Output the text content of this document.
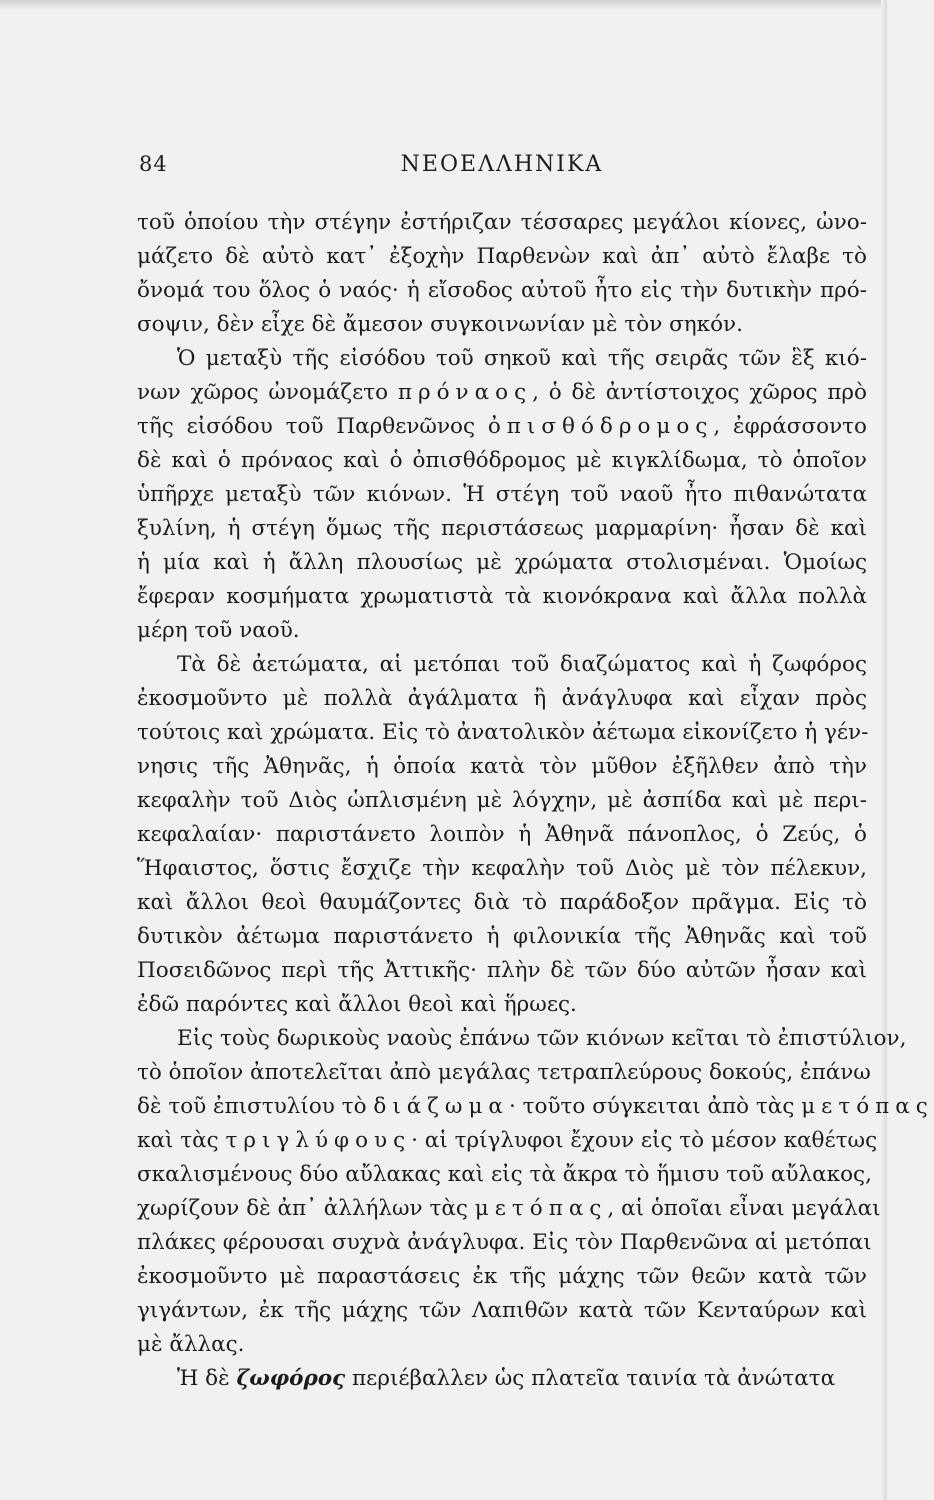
84	ΝΕΟΕΛΛΗΝΙΚΑ
τοῦ ὁποίου τὴν στέγην ἐστήριζαν τέσσαρες μεγάλοι κίονες, ὠνο-
μάζετο δὲ αὐτὸ κατ᾽ ἐξοχὴν Παρθενὼν καὶ ἀπ᾽ αὐτὸ ἔλαβε τὸ
ὄνομά του ὅλος ὁ ναός· ἡ εἴσοδος αὐτοῦ ἦτο εἰς τὴν δυτικὴν πρό-
σοψιν, δὲν εἶχε δὲ ἄμεσον συγκοινωνίαν μὲ τὸν σηκόν.
Ὁ μεταξὺ τῆς εἰσόδου τοῦ σηκοῦ καὶ τῆς σειρᾶς τῶν ἓξ κιό-
νων χῶρος ὠνομάζετο πρόναος, ὁ δὲ ἀντίστοιχος χῶρος πρὸ
τῆς εἰσόδου τοῦ Παρθενῶνος ὀπισθόδρομος, ἐφράσσοντο
δὲ καὶ ὁ πρόναος καὶ ὁ ὀπισθόδρομος μὲ κιγκλίδωμα, τὸ ὁποῖον
ὑπῆρχε μεταξὺ τῶν κιόνων. Ἡ στέγη τοῦ ναοῦ ἦτο πιθανώτατα
ξυλίνη, ἡ στέγη ὅμως τῆς περιστάσεως μαρμαρίνη· ἦσαν δὲ καὶ
ἡ μία καὶ ἡ ἄλλη πλουσίως μὲ χρώματα στολισμέναι. Ὁμοίως
ἔφεραν κοσμήματα χρωματιστὰ τὰ κιονόκρανα καὶ ἄλλα πολλὰ
μέρη τοῦ ναοῦ.
Τὰ δὲ ἀετώματα, αἱ μετόπαι τοῦ διαζώματος καὶ ἡ ζωφόρος
ἐκοσμοῦντο μὲ πολλὰ ἀγάλματα ἢ ἀνάγλυφα καὶ εἶχαν πρὸς
τούτοις καὶ χρώματα. Εἰς τὸ ἀνατολικὸν ἀέτωμα εἰκονίζετο ἡ γέν-
νησις τῆς Ἀθηνᾶς, ἡ ὁποία κατὰ τὸν μῦθον ἐξῆλθεν ἀπὸ τὴν
κεφαλὴν τοῦ Διὸς ὡπλισμένη μὲ λόγχην, μὲ ἀσπίδα καὶ μὲ περι-
κεφαλαίαν· παριστάνετο λοιπὸν ἡ Ἀθηνᾶ πάνοπλος, ὁ Ζεύς, ὁ
Ἥφαιστος, ὅστις ἔσχιζε τὴν κεφαλὴν τοῦ Διὸς μὲ τὸν πέλεκυν,
καὶ ἄλλοι θεοὶ θαυμάζοντες διὰ τὸ παράδοξον πρᾶγμα. Εἰς τὸ
δυτικὸν ἀέτωμα παριστάνετο ἡ φιλονικία τῆς Ἀθηνᾶς καὶ τοῦ
Ποσειδῶνος περὶ τῆς Ἀττικῆς· πλὴν δὲ τῶν δύο αὐτῶν ἦσαν καὶ
ἐδῶ παρόντες καὶ ἄλλοι θεοὶ καὶ ἥρωες.
Εἰς τοὺς δωρικοὺς ναοὺς ἐπάνω τῶν κιόνων κεῖται τὸ ἐπιστύλιον,
τὸ ὁποῖον ἀποτελεῖται ἀπὸ μεγάλας τετραπλεύρους δοκούς, ἐπάνω
δὲ τοῦ ἐπιστυλίου τὸ διάζωμα· τοῦτο σύγκειται ἀπὸ τὰς μετόπας
καὶ τὰς τριγλύφους· αἱ τρίγλυφοι ἔχουν εἰς τὸ μέσον καθέτως
σκαλισμένους δύο αὔλακας καὶ εἰς τὰ ἄκρα τὸ ἥμισυ τοῦ αὔλακος,
χωρίζουν δὲ ἀπ᾽ ἀλλήλων τὰς μετόπας, αἱ ὁποῖαι εἶναι μεγάλαι
πλάκες φέρουσαι συχνὰ ἀνάγλυφα. Εἰς τὸν Παρθενῶνα αἱ μετόπαι
ἐκοσμοῦντο μὲ παραστάσεις ἐκ τῆς μάχης τῶν θεῶν κατὰ τῶν
γιγάντων, ἐκ τῆς μάχης τῶν Λαπιθῶν κατὰ τῶν Κενταύρων καὶ
μὲ ἄλλας.
Ἡ δὲ ζωφόρος περιέβαλλεν ὡς πλατεῖα ταινία τὰ ἀνώτατα
